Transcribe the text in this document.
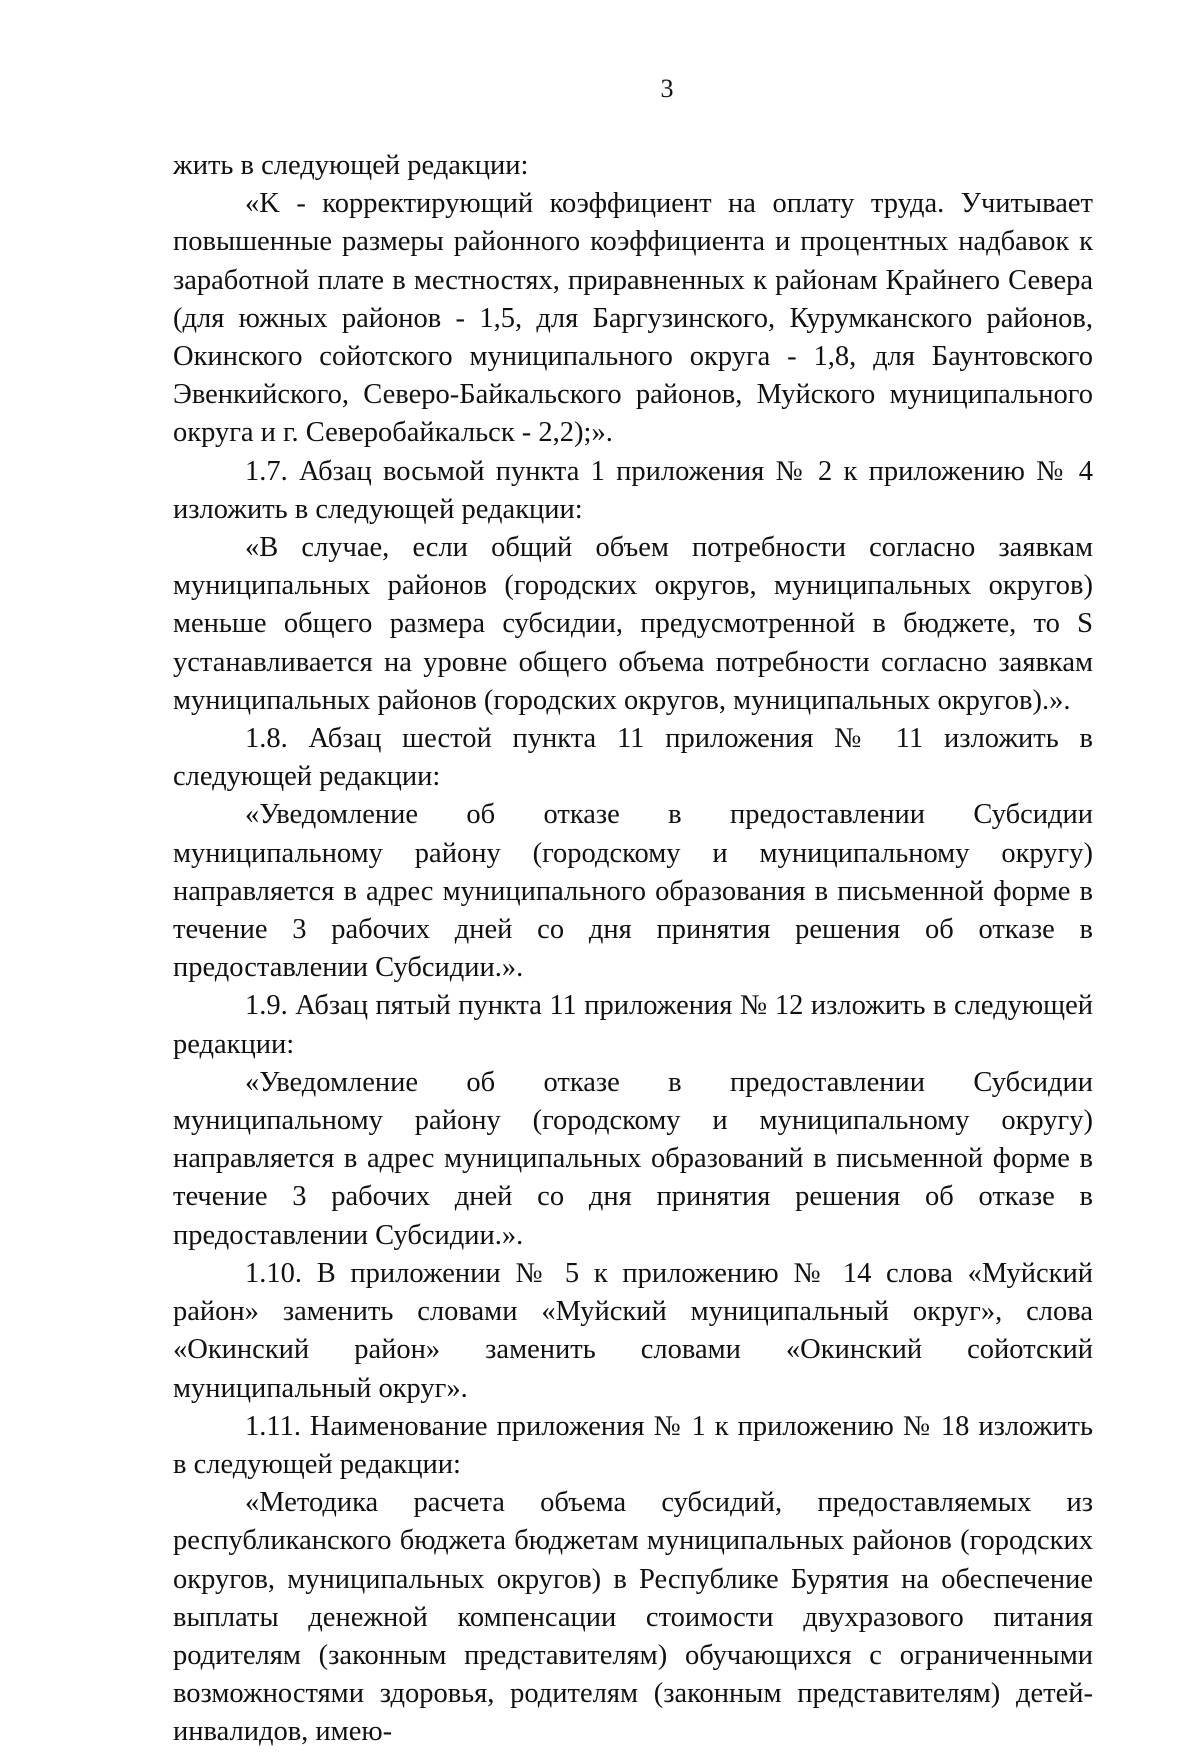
3

жить в следующей редакции:

«K - корректирующий коэффициент на оплату труда. Учитывает повышенные размеры районного коэффициента и процентных надбавок к заработной плате в местностях, приравненных к районам Крайнего Севера (для южных районов - 1,5, для Баргузинского, Курумканского районов, Окинского сойотского муниципального округа - 1,8, для Баунтовского Эвенкийского, Северо-Байкальского районов, Муйского муниципального округа и г. Северобайкальск - 2,2);».

1.7. Абзац восьмой пункта 1 приложения № 2 к приложению № 4 изложить в следующей редакции:

«В случае, если общий объем потребности согласно заявкам муниципальных районов (городских округов, муниципальных округов) меньше общего размера субсидии, предусмотренной в бюджете, то S устанавливается на уровне общего объема потребности согласно заявкам муниципальных районов (городских округов, муниципальных округов).».

1.8. Абзац шестой пункта 11 приложения № 11 изложить в следующей редакции:

«Уведомление об отказе в предоставлении Субсидии муниципальному району (городскому и муниципальному округу) направляется в адрес муниципального образования в письменной форме в течение 3 рабочих дней со дня принятия решения об отказе в предоставлении Субсидии.».

1.9. Абзац пятый пункта 11 приложения № 12 изложить в следующей редакции:

«Уведомление об отказе в предоставлении Субсидии муниципальному району (городскому и муниципальному округу) направляется в адрес муниципальных образований в письменной форме в течение 3 рабочих дней со дня принятия решения об отказе в предоставлении Субсидии.».

1.10. В приложении № 5 к приложению № 14 слова «Муйский район» заменить словами «Муйский муниципальный округ», слова «Окинский район» заменить словами «Окинский сойотский муниципальный округ».

1.11. Наименование приложения № 1 к приложению № 18 изложить в следующей редакции:

«Методика расчета объема субсидий, предоставляемых из республиканского бюджета бюджетам муниципальных районов (городских округов, муниципальных округов) в Республике Бурятия на обеспечение выплаты денежной компенсации стоимости двухразового питания родителям (законным представителям) обучающихся с ограниченными возможностями здоровья, родителям (законным представителям) детей-инвалидов, имею-
